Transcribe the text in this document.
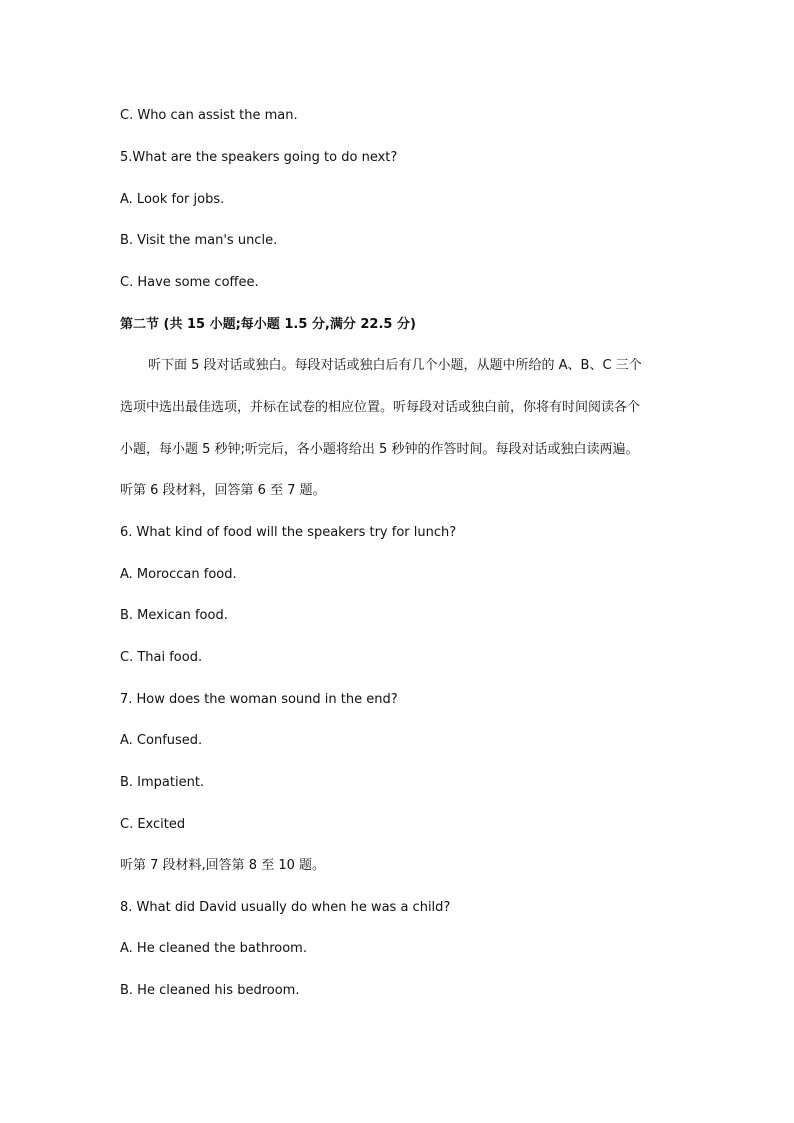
C. Who can assist the man.
5.What are the speakers going to do next?
A. Look for jobs.
B. Visit the man's uncle.
C. Have some coffee.
第二节 (共 15 小题;每小题 1.5 分,满分 22.5 分)
听下面 5 段对话或独白。每段对话或独白后有几个小题，从题中所给的 A、B、C 三个
选项中选出最佳选项，并标在试卷的相应位置。听每段对话或独白前，你将有时间阅读各个
小题，每小题 5 秒钟;听完后，各小题将给出 5 秒钟的作答时间。每段对话或独白读两遍。
听第 6 段材料，回答第 6 至 7 题。
6. What kind of food will the speakers try for lunch?
A. Moroccan food.
B. Mexican food.
C. Thai food.
7. How does the woman sound in the end?
A. Confused.
B. Impatient.
C. Excited
听第 7 段材料,回答第 8 至 10 题。
8. What did David usually do when he was a child?
A. He cleaned the bathroom.
B. He cleaned his bedroom.
